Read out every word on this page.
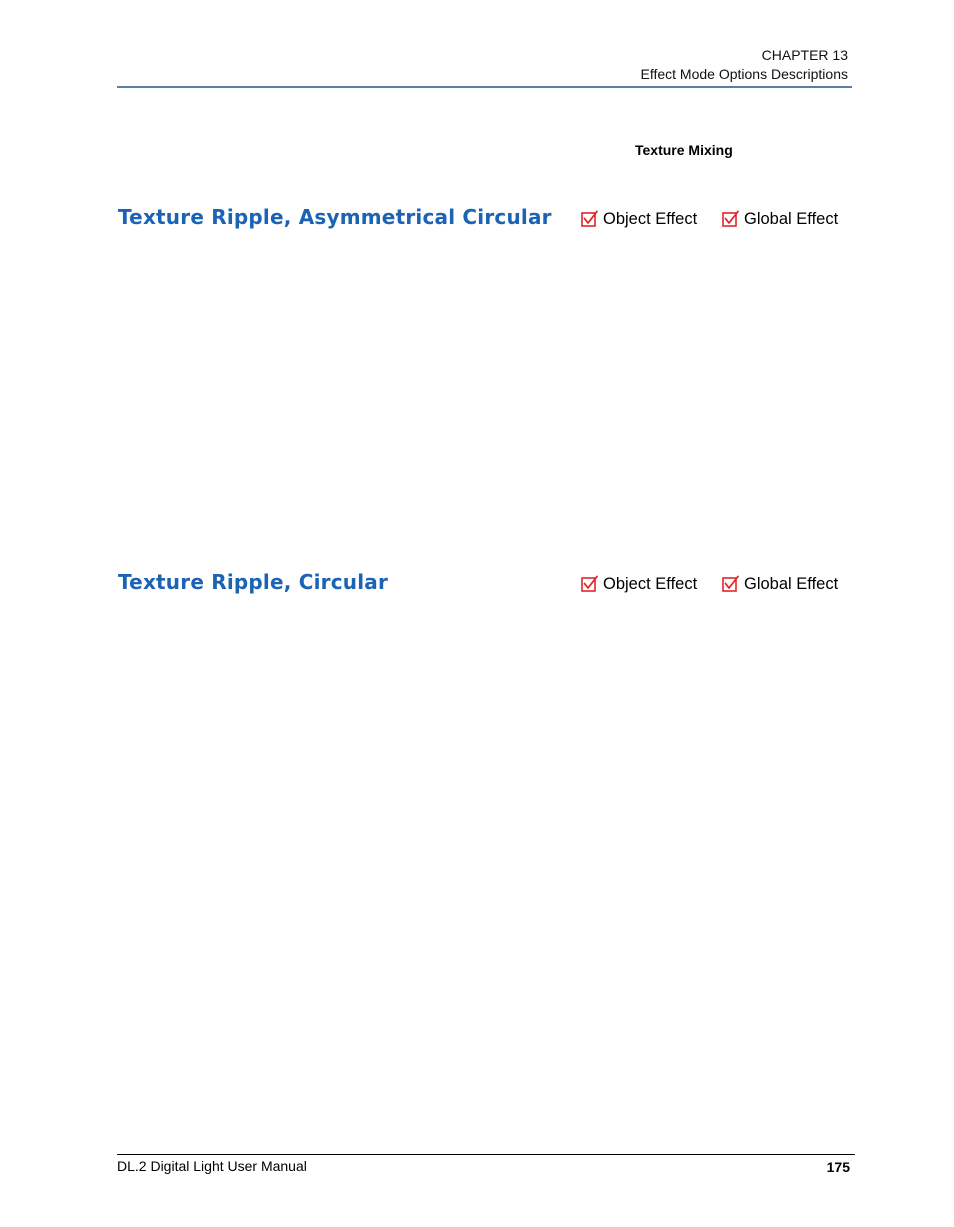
CHAPTER 13
Effect Mode Options Descriptions
Texture Mixing
Texture Ripple, Asymmetrical Circular	Object Effect	Global Effect
Texture Ripple, Circular	Object Effect	Global Effect
DL.2 Digital Light User Manual	175
